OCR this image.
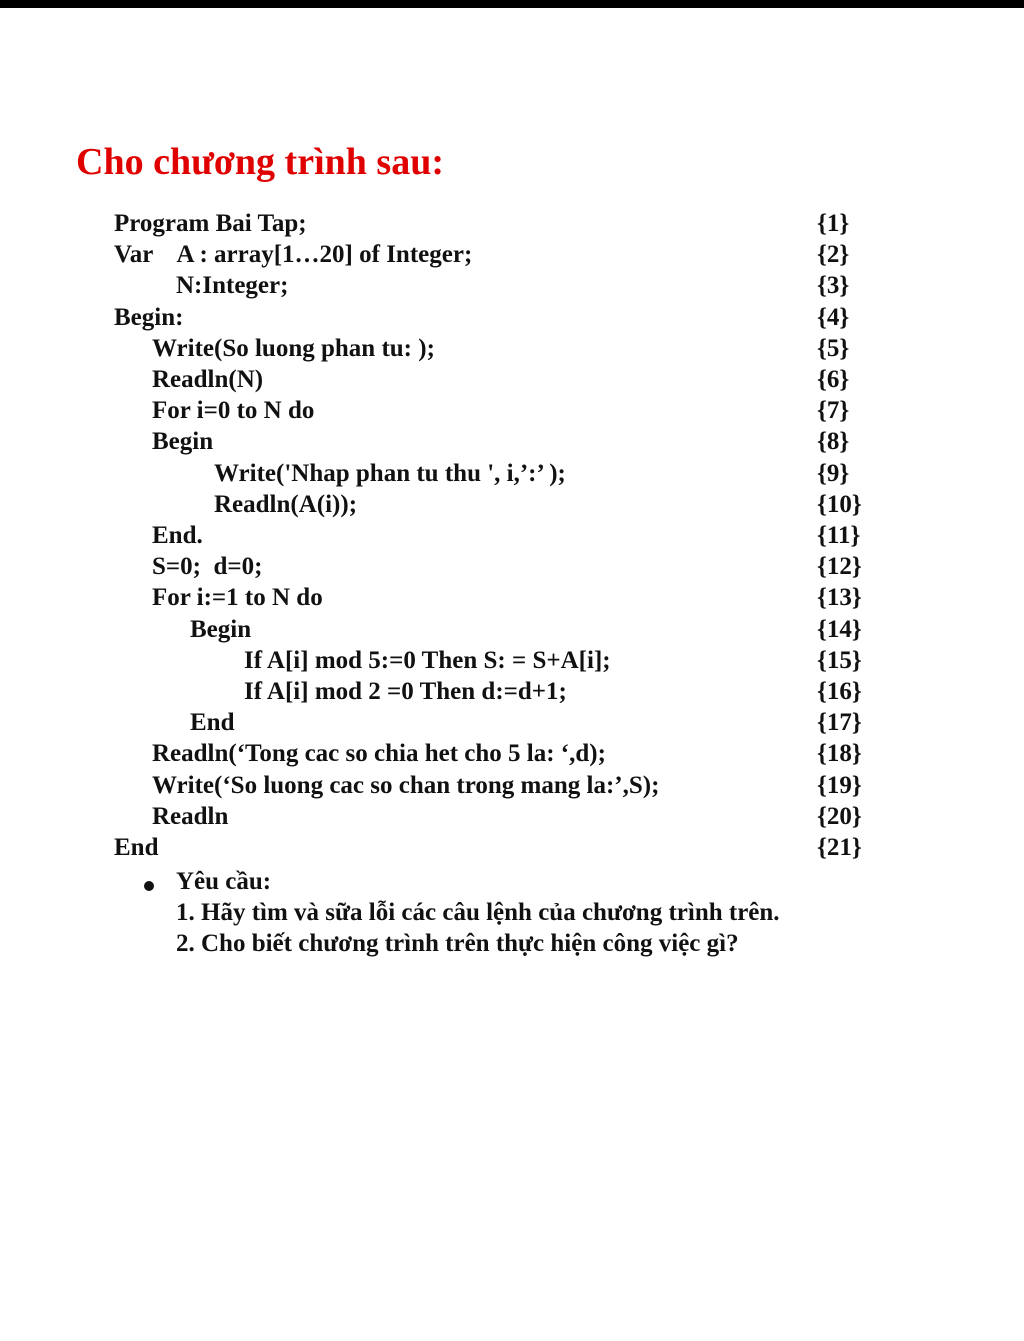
Cho chương trình sau:
Program Bai Tap;	{1}
Var    A : array[1…20] of Integer;	{2}
N:Integer;	{3}
Begin:	{4}
Write(So luong phan tu: );	{5}
Readln(N)	{6}
For i=0 to N do	{7}
Begin	{8}
Write('Nhap phan tu thu ', i,’:’ );	{9}
Readln(A(i));	{10}
End.	{11}
S=0;  d=0;	{12}
For i:=1 to N do	{13}
Begin	{14}
If A[i] mod 5:=0 Then S: = S+A[i];	{15}
If A[i] mod 2 =0 Then d:=d+1;	{16}
End	{17}
Readln(‘Tong cac so chia het cho 5 la: ‘,d);	{18}
Write(‘So luong cac so chan trong mang la:’,S);	{19}
Readln	{20}
End	{21}
Yêu cầu:
1. Hãy tìm và sữa lỗi các câu lệnh của chương trình trên.
2. Cho biết chương trình trên thực hiện công việc gì?
